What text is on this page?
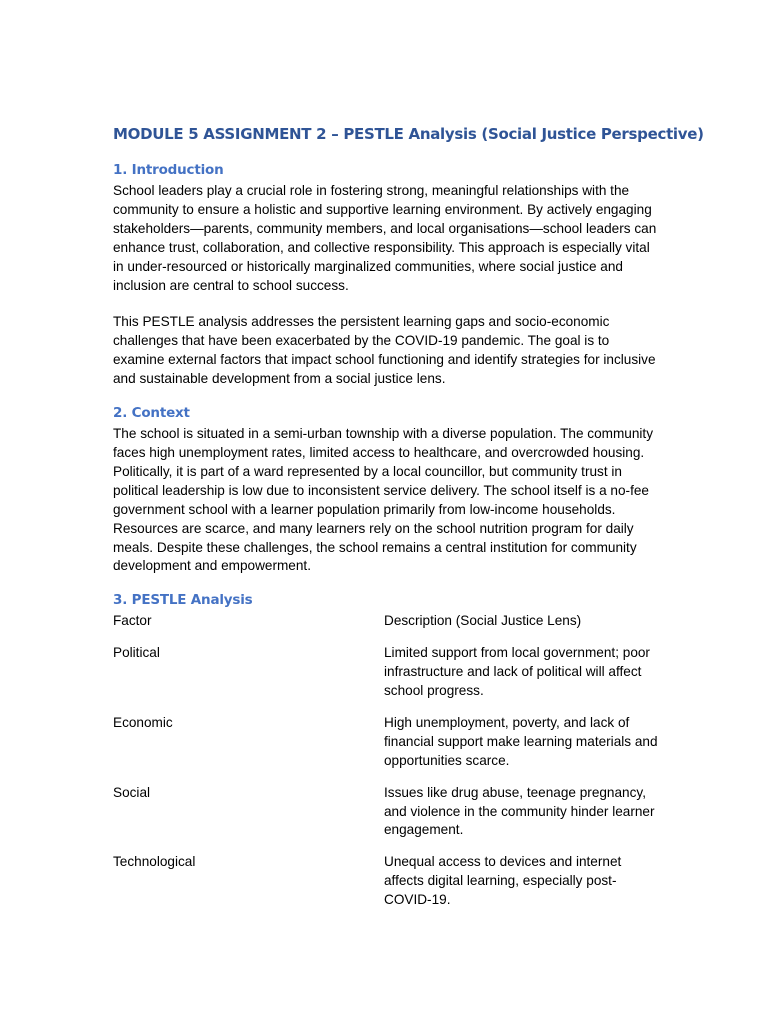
MODULE 5 ASSIGNMENT 2 – PESTLE Analysis (Social Justice Perspective)
1. Introduction

School leaders play a crucial role in fostering strong, meaningful relationships with the community to ensure a holistic and supportive learning environment. By actively engaging stakeholders—parents, community members, and local organisations—school leaders can enhance trust, collaboration, and collective responsibility. This approach is especially vital in under-resourced or historically marginalized communities, where social justice and inclusion are central to school success.

This PESTLE analysis addresses the persistent learning gaps and socio-economic challenges that have been exacerbated by the COVID-19 pandemic. The goal is to examine external factors that impact school functioning and identify strategies for inclusive and sustainable development from a social justice lens.

2. Context

The school is situated in a semi-urban township with a diverse population. The community faces high unemployment rates, limited access to healthcare, and overcrowded housing. Politically, it is part of a ward represented by a local councillor, but community trust in political leadership is low due to inconsistent service delivery. The school itself is a no-fee government school with a learner population primarily from low-income households. Resources are scarce, and many learners rely on the school nutrition program for daily meals. Despite these challenges, the school remains a central institution for community development and empowerment.

3. PESTLE Analysis
Factor	Description (Social Justice Lens)
Political	Limited support from local government; poor infrastructure and lack of political will affect school progress.
Economic	High unemployment, poverty, and lack of financial support make learning materials and opportunities scarce.
Social	Issues like drug abuse, teenage pregnancy, and violence in the community hinder learner engagement.
Technological	Unequal access to devices and internet affects digital learning, especially post-COVID-19.
